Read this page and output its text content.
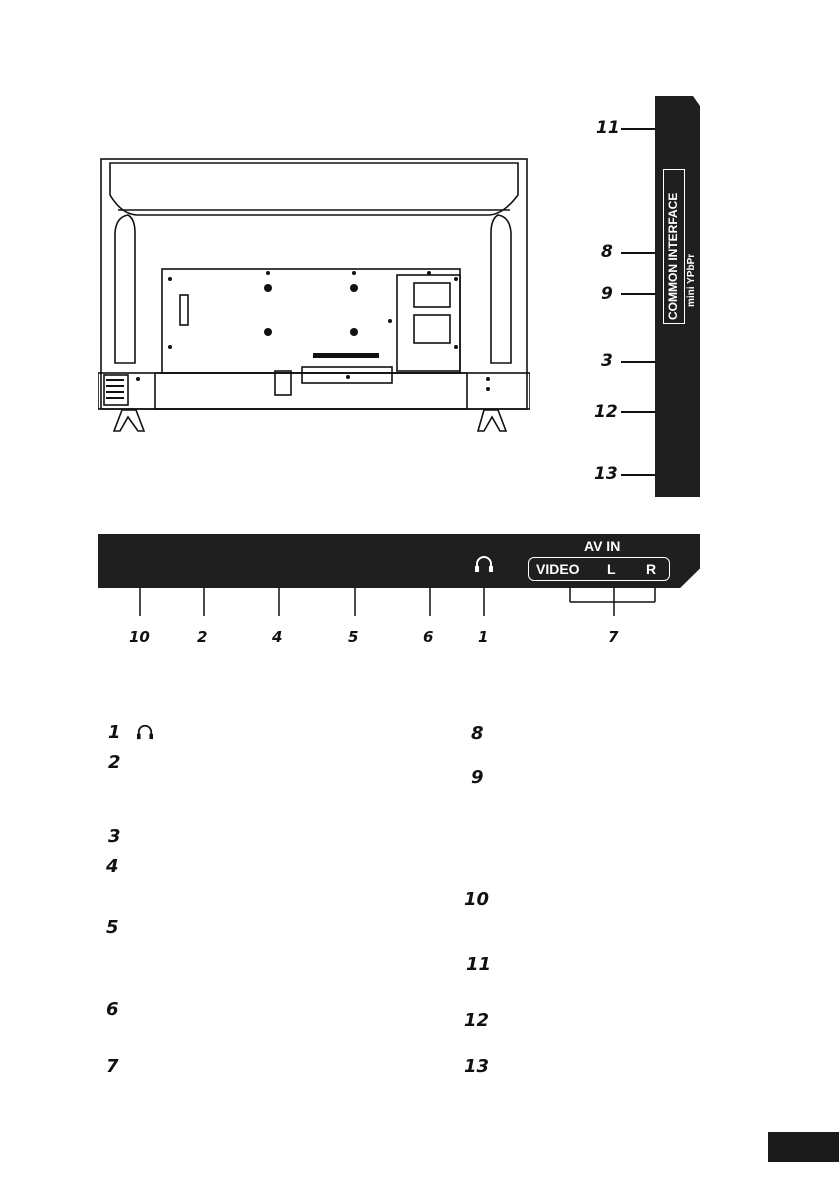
COMMON INTERFACE mini YPbPr
11
8
9
3
12
13
AV IN
VIDEO L R
10	2	4	5	6	1	7
1
2
3
4
5
6
7
8
9
10
11
12
13
